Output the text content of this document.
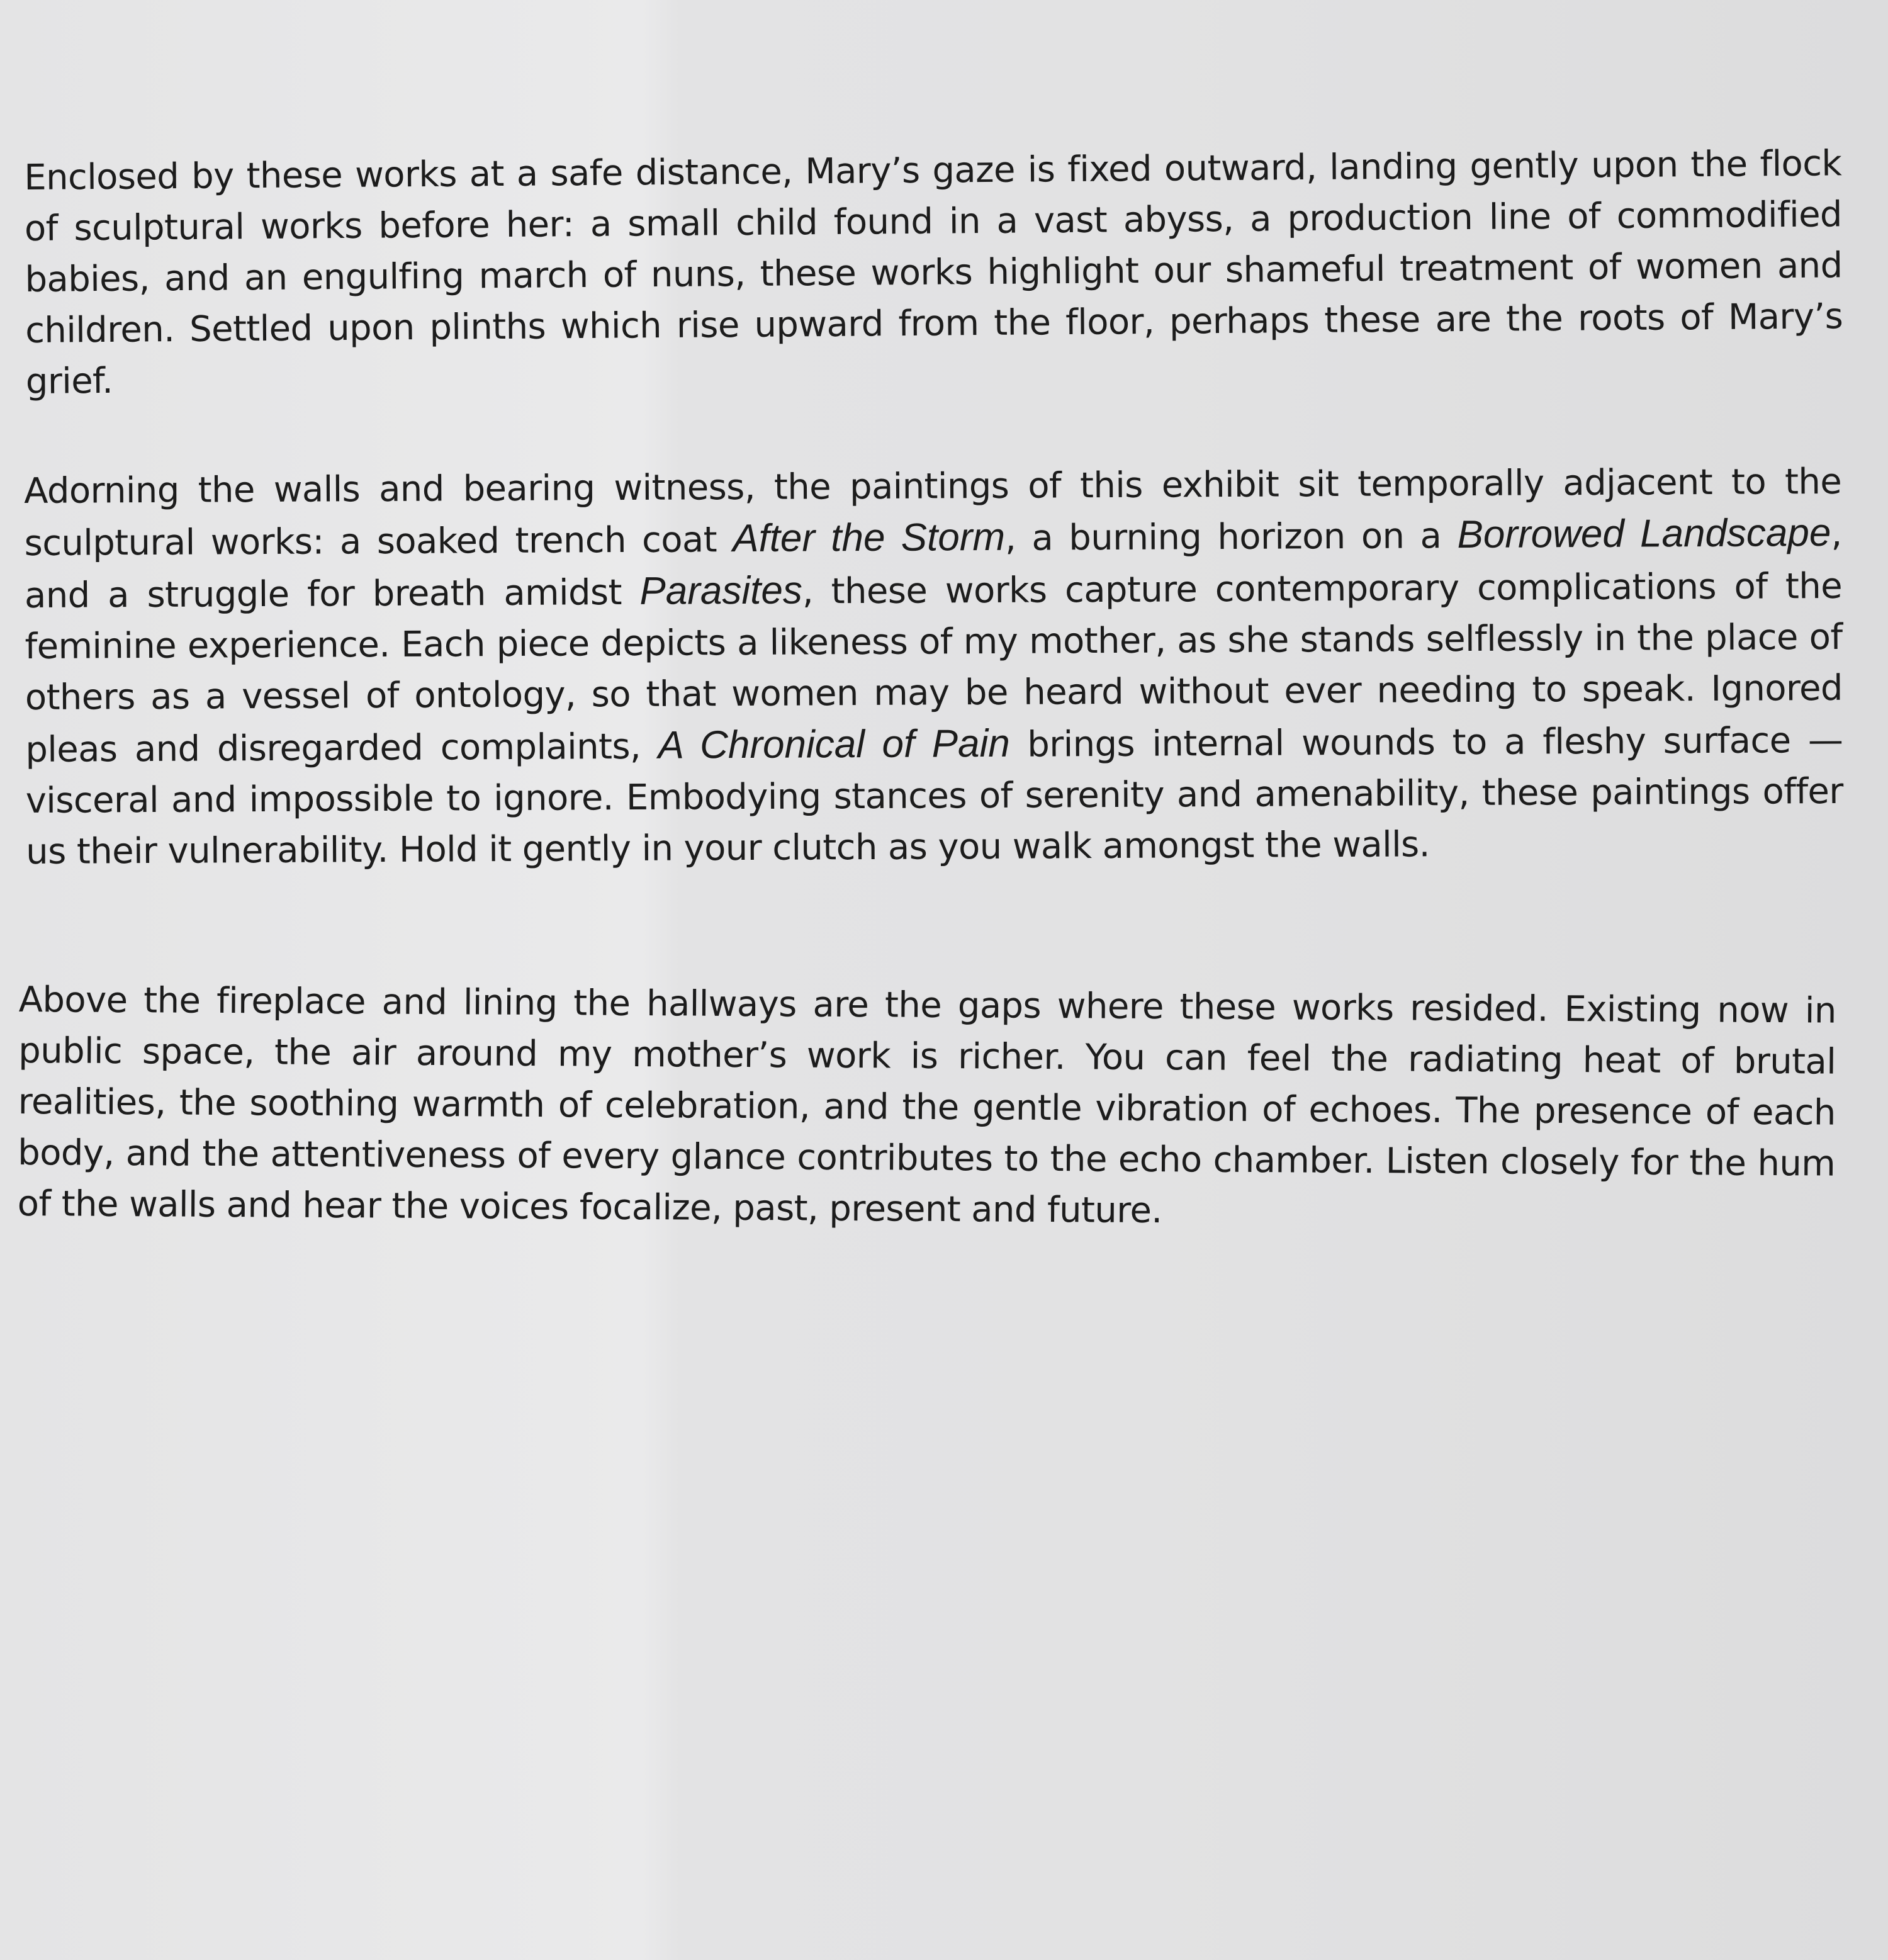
Enclosed by these works at a safe distance, Mary’s gaze is fixed outward, landing gently upon the flock of sculptural works before her: a small child found in a vast abyss, a production line of commodified babies, and an engulfing march of nuns, these works highlight our shameful treatment of women and children. Settled upon plinths which rise upward from the floor, perhaps these are the roots of Mary’s grief.

Adorning the walls and bearing witness, the paintings of this exhibit sit temporally adjacent to the sculptural works: a soaked trench coat After the Storm, a burning horizon on a Borrowed Landscape, and a struggle for breath amidst Parasites, these works capture contemporary complications of the feminine experience. Each piece depicts a likeness of my mother, as she stands selflessly in the place of others as a vessel of ontology, so that women may be heard without ever needing to speak. Ignored pleas and disregarded complaints, A Chronical of Pain brings internal wounds to a fleshy surface — visceral and impossible to ignore. Embodying stances of serenity and amenability, these paintings offer us their vulnerability. Hold it gently in your clutch as you walk amongst the walls.

Above the fireplace and lining the hallways are the gaps where these works resided. Existing now in public space, the air around my mother’s work is richer. You can feel the radiating heat of brutal realities, the soothing warmth of celebration, and the gentle vibration of echoes. The presence of each body, and the attentiveness of every glance contributes to the echo chamber. Listen closely for the hum of the walls and hear the voices focalize, past, present and future.
